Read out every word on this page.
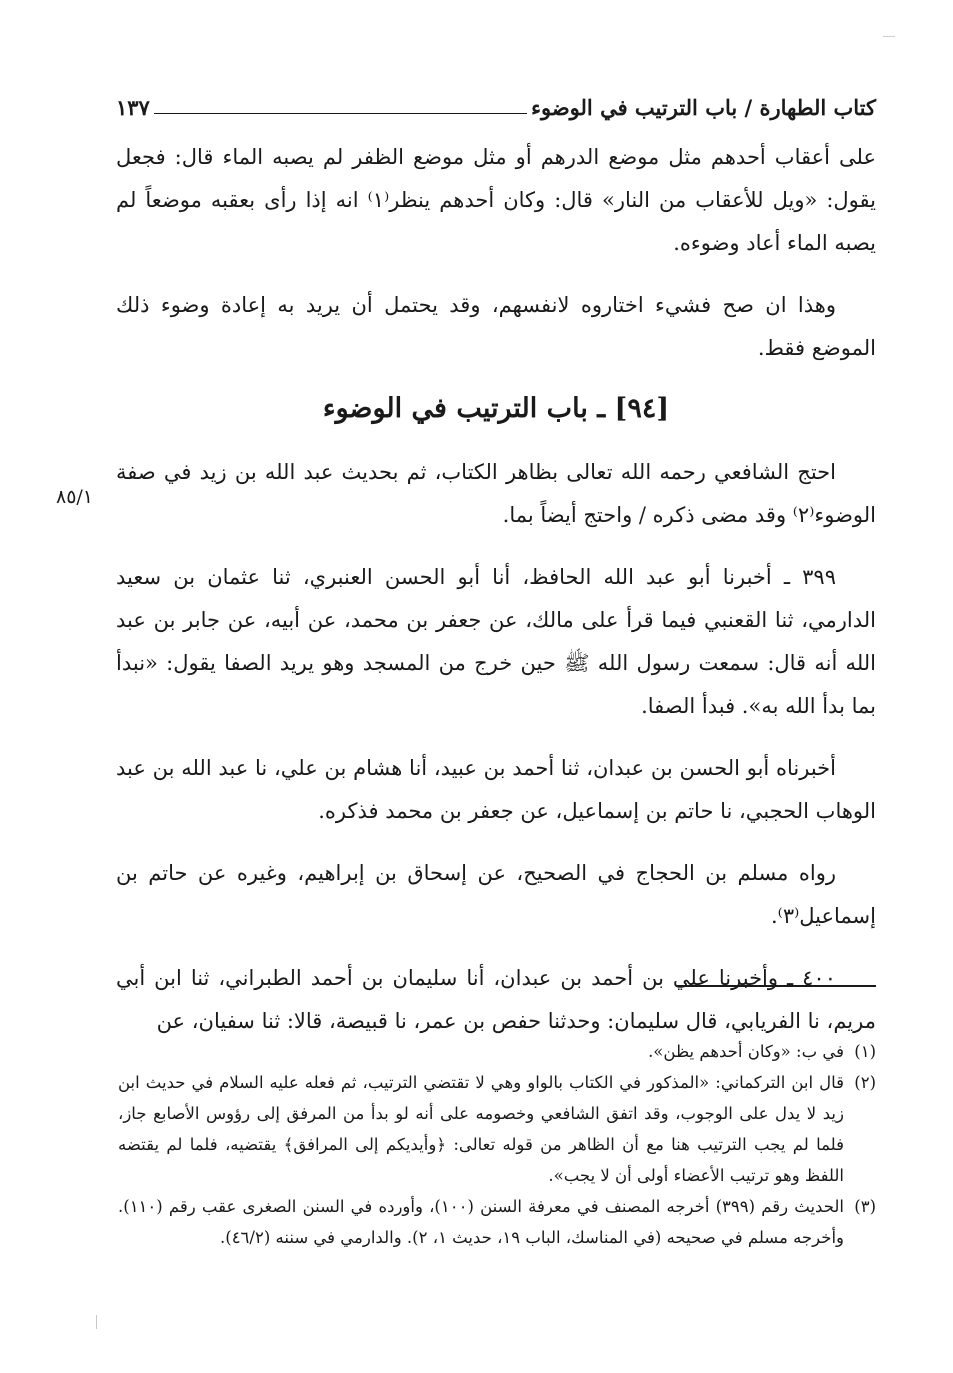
كتاب الطهارة / باب الترتيب في الوضوء
١٣٧

على أعقاب أحدهم مثل موضع الدرهم أو مثل موضع الظفر لم يصبه الماء قال: فجعل يقول: «ويل للأعقاب من النار» قال: وكان أحدهم ينظر⁽١⁾ انه إذا رأى بعقبه موضعاً لم يصبه الماء أعاد وضوءه.

وهذا ان صح فشيء اختاروه لانفسهم، وقد يحتمل أن يريد به إعادة وضوء ذلك الموضع فقط.

[٩٤] ـ باب الترتيب في الوضوء

احتج الشافعي رحمه الله تعالى بظاهر الكتاب، ثم بحديث عبد الله بن زيد في صفة الوضوء⁽٢⁾ وقد مضى ذكره / واحتج أيضاً بما.

٣٩٩ ـ أخبرنا أبو عبد الله الحافظ، أنا أبو الحسن العنبري، ثنا عثمان بن سعيد الدارمي، ثنا القعنبي فيما قرأ على مالك، عن جعفر بن محمد، عن أبيه، عن جابر بن عبد الله أنه قال: سمعت رسول الله ﷺ حين خرج من المسجد وهو يريد الصفا يقول: «نبدأ بما بدأ الله به». فبدأ الصفا.

أخبرناه أبو الحسن بن عبدان، ثنا أحمد بن عبيد، أنا هشام بن علي، نا عبد الله بن عبد الوهاب الحجبي، نا حاتم بن إسماعيل، عن جعفر بن محمد فذكره.

رواه مسلم بن الحجاج في الصحيح، عن إسحاق بن إبراهيم، وغيره عن حاتم بن إسماعيل⁽٣⁾.

٤٠٠ ـ وأخبرنا علي بن أحمد بن عبدان، أنا سليمان بن أحمد الطبراني، ثنا ابن أبي مريم، نا الفريابي، قال سليمان: وحدثنا حفص بن عمر، نا قبيصة، قالا: ثنا سفيان، عن

٨٥/١

(١)
في ب: «وكان أحدهم يظن».

(٢)
قال ابن التركماني: «المذكور في الكتاب بالواو وهي لا تقتضي الترتيب، ثم فعله عليه السلام في حديث ابن زيد لا يدل على الوجوب، وقد اتفق الشافعي وخصومه على أنه لو بدأ من المرفق إلى رؤوس الأصابع جاز، فلما لم يجب الترتيب هنا مع أن الظاهر من قوله تعالى: ﴿وأيديكم إلى المرافق﴾ يقتضيه، فلما لم يقتضه اللفظ وهو ترتيب الأعضاء أولى أن لا يجب».

(٣)
الحديث رقم (٣٩٩) أخرجه المصنف في معرفة السنن (١٠٠)، وأورده في السنن الصغرى عقب رقم (١١٠). وأخرجه مسلم في صحيحه (في المناسك، الباب ١٩، حديث ١، ٢). والدارمي في سننه (٤٦/٢).
